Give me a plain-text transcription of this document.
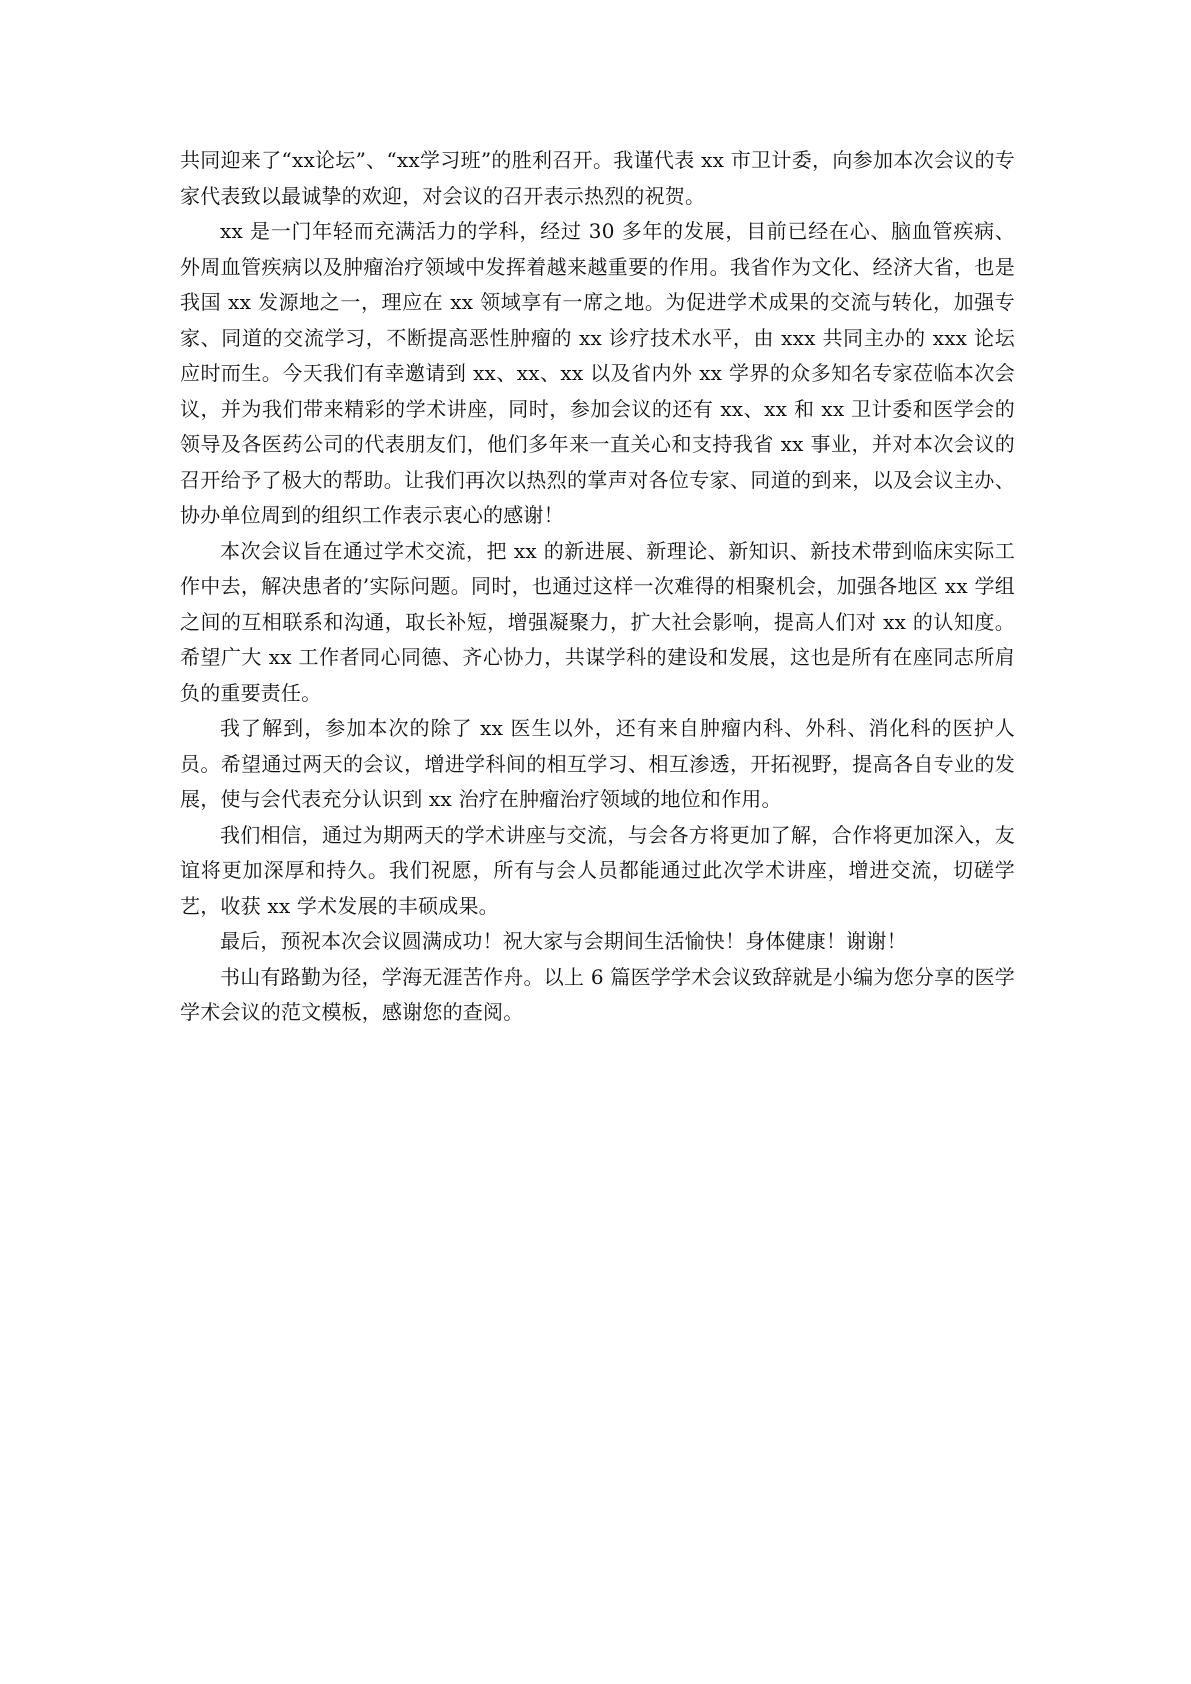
共同迎来了“xx论坛”、“xx学习班”的胜利召开。我谨代表 xx 市卫计委，向参加本次会议的专家代表致以最诚挚的欢迎，对会议的召开表示热烈的祝贺。

xx 是一门年轻而充满活力的学科，经过 30 多年的发展，目前已经在心、脑血管疾病、外周血管疾病以及肿瘤治疗领域中发挥着越来越重要的作用。我省作为文化、经济大省，也是我国 xx 发源地之一，理应在 xx 领域享有一席之地。为促进学术成果的交流与转化，加强专家、同道的交流学习，不断提高恶性肿瘤的 xx 诊疗技术水平，由 xxx 共同主办的 xxx 论坛应时而生。今天我们有幸邀请到 xx、xx、xx 以及省内外 xx 学界的众多知名专家莅临本次会议，并为我们带来精彩的学术讲座，同时，参加会议的还有 xx、xx 和 xx 卫计委和医学会的领导及各医药公司的代表朋友们，他们多年来一直关心和支持我省 xx 事业，并对本次会议的召开给予了极大的帮助。让我们再次以热烈的掌声对各位专家、同道的到来，以及会议主办、协办单位周到的组织工作表示衷心的感谢！

本次会议旨在通过学术交流，把 xx 的新进展、新理论、新知识、新技术带到临床实际工作中去，解决患者的’实际问题。同时，也通过这样一次难得的相聚机会，加强各地区 xx 学组之间的互相联系和沟通，取长补短，增强凝聚力，扩大社会影响，提高人们对 xx 的认知度。希望广大 xx 工作者同心同德、齐心协力，共谋学科的建设和发展，这也是所有在座同志所肩负的重要责任。

我了解到，参加本次的除了 xx 医生以外，还有来自肿瘤内科、外科、消化科的医护人员。希望通过两天的会议，增进学科间的相互学习、相互渗透，开拓视野，提高各自专业的发展，使与会代表充分认识到 xx 治疗在肿瘤治疗领域的地位和作用。

我们相信，通过为期两天的学术讲座与交流，与会各方将更加了解，合作将更加深入，友谊将更加深厚和持久。我们祝愿，所有与会人员都能通过此次学术讲座，增进交流，切磋学艺，收获 xx 学术发展的丰硕成果。

最后，预祝本次会议圆满成功！祝大家与会期间生活愉快！身体健康！谢谢！

书山有路勤为径，学海无涯苦作舟。以上 6 篇医学学术会议致辞就是小编为您分享的医学学术会议的范文模板，感谢您的查阅。
